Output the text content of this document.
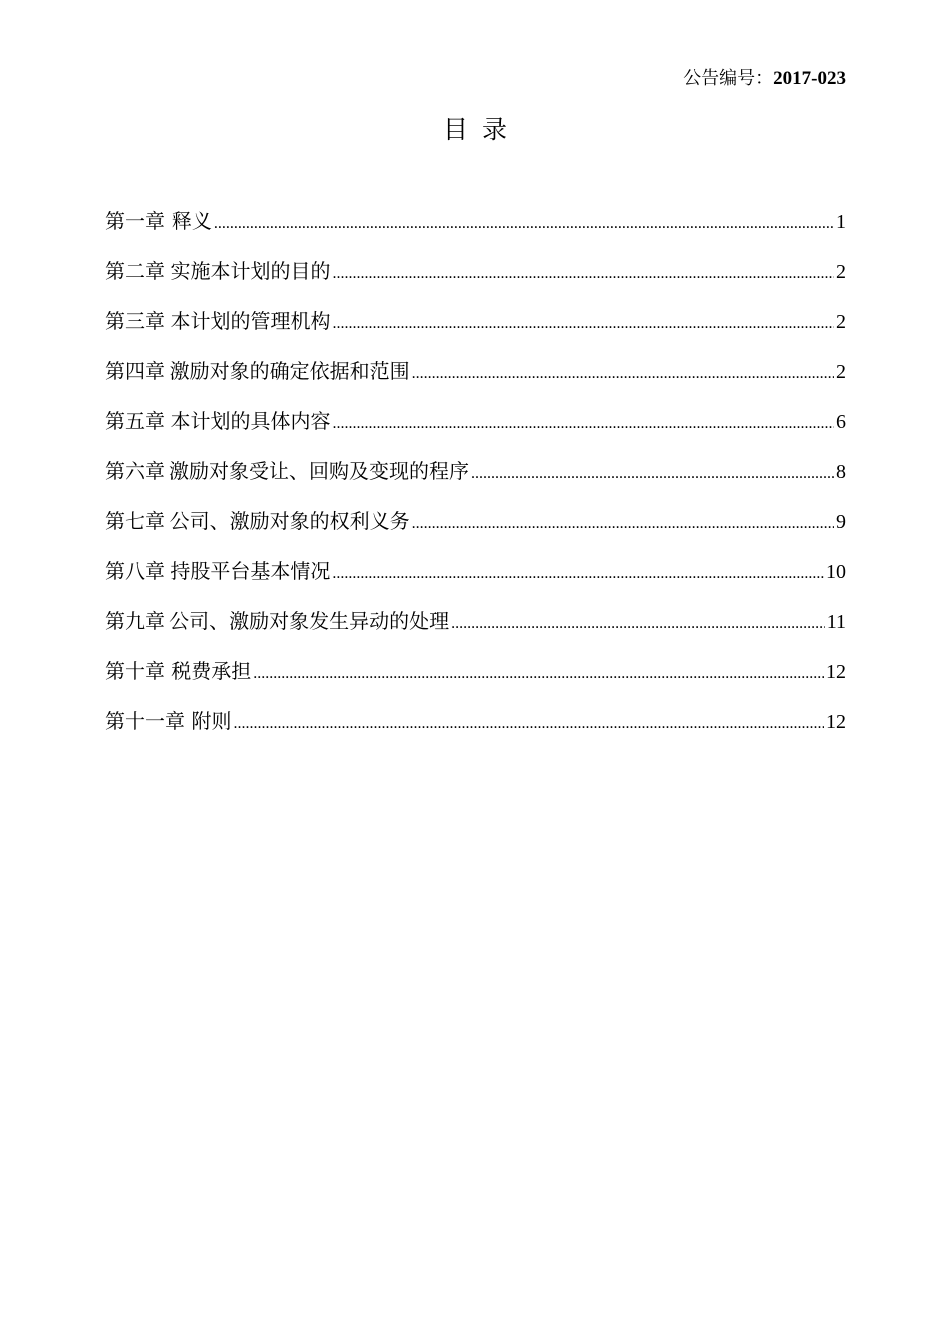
公告编号：2017-023
目录
第一章 释义 .....	1
第二章 实施本计划的目的 .....	2
第三章 本计划的管理机构 .....	2
第四章 激励对象的确定依据和范围 .....	2
第五章 本计划的具体内容 .....	6
第六章 激励对象受让、回购及变现的程序 .....	8
第七章 公司、激励对象的权利义务 .....	9
第八章 持股平台基本情况 .....	10
第九章 公司、激励对象发生异动的处理 .....	11
第十章 税费承担 .....	12
第十一章 附则 .....	12
